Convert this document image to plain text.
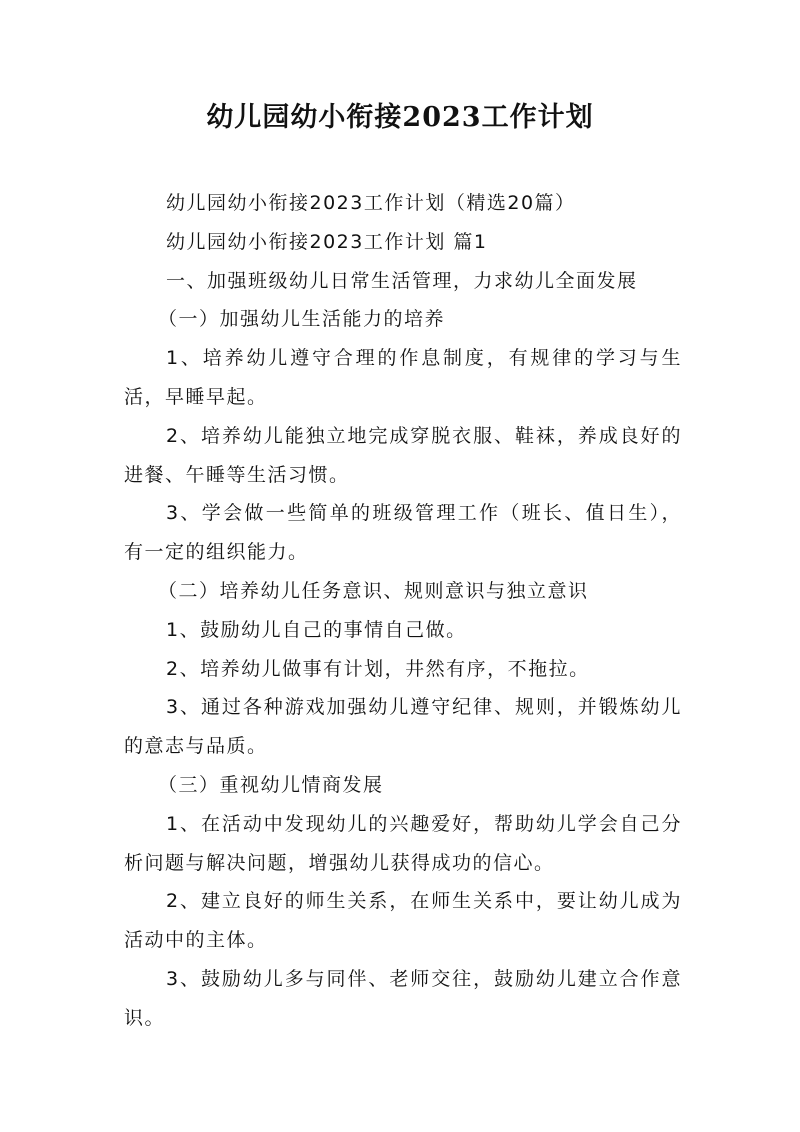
幼儿园幼小衔接2023工作计划

幼儿园幼小衔接2023工作计划（精选20篇）

幼儿园幼小衔接2023工作计划 篇1

一、加强班级幼儿日常生活管理，力求幼儿全面发展

（一）加强幼儿生活能力的培养

1、培养幼儿遵守合理的作息制度，有规律的学习与生活，早睡早起。

2、培养幼儿能独立地完成穿脱衣服、鞋袜，养成良好的进餐、午睡等生活习惯。

3、学会做一些简单的班级管理工作（班长、值日生），有一定的组织能力。

（二）培养幼儿任务意识、规则意识与独立意识

1、鼓励幼儿自己的事情自己做。

2、培养幼儿做事有计划，井然有序，不拖拉。

3、通过各种游戏加强幼儿遵守纪律、规则，并锻炼幼儿的意志与品质。

（三）重视幼儿情商发展

1、在活动中发现幼儿的兴趣爱好，帮助幼儿学会自己分析问题与解决问题，增强幼儿获得成功的信心。

2、建立良好的师生关系，在师生关系中，要让幼儿成为活动中的主体。

3、鼓励幼儿多与同伴、老师交往，鼓励幼儿建立合作意识。
